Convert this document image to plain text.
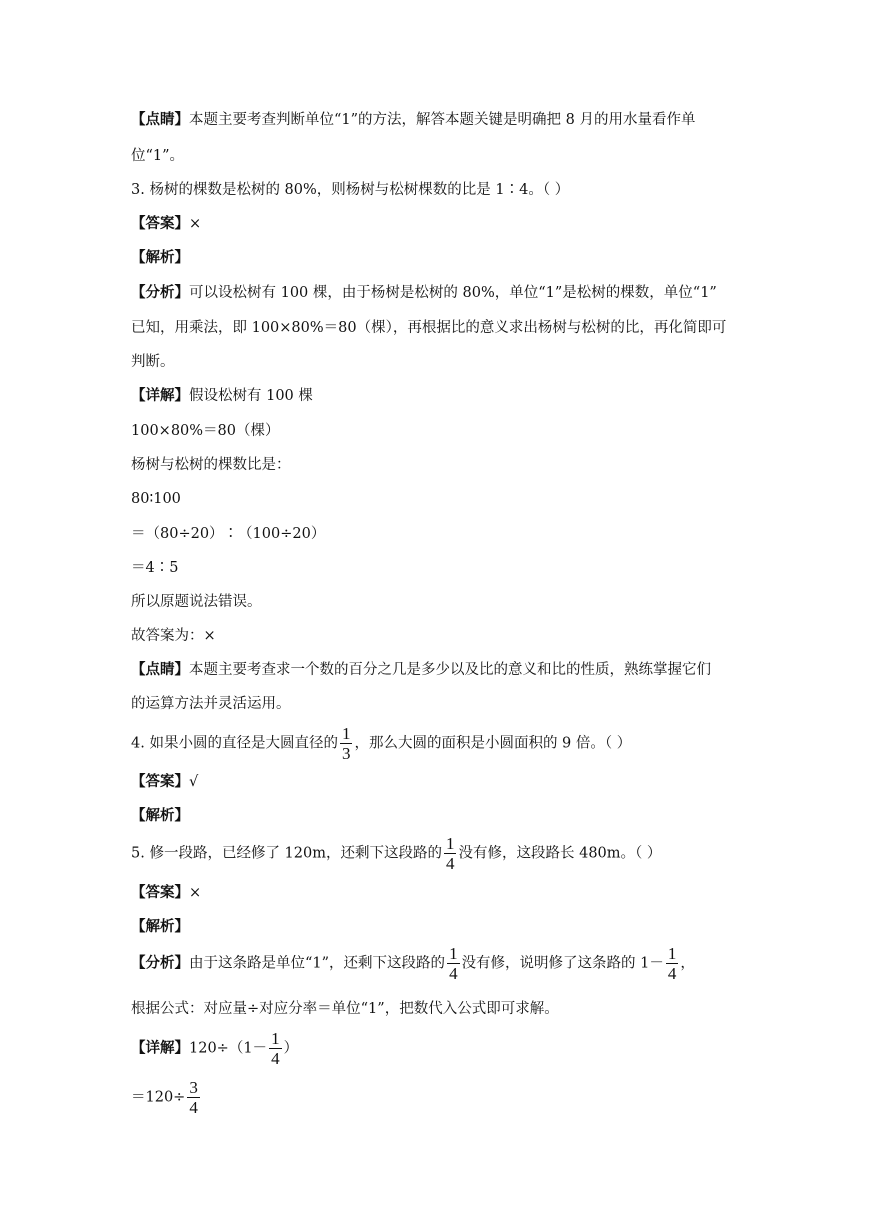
【点睛】本题主要考查判断单位“1”的方法，解答本题关键是明确把 8 月的用水量看作单
位“1”。
3. 杨树的棵数是松树的 80%，则杨树与松树棵数的比是 1∶4。（ ）
【答案】×
【解析】
【分析】可以设松树有 100 棵，由于杨树是松树的 80%，单位“1”是松树的棵数，单位“1”
已知，用乘法，即 100×80%＝80（棵），再根据比的意义求出杨树与松树的比，再化简即可
判断。
【详解】假设松树有 100 棵
100×80%＝80（棵）
杨树与松树的棵数比是：
80∶100
＝（80÷20）∶（100÷20）
＝4∶5
所以原题说法错误。
故答案为：×
【点睛】本题主要考查求一个数的百分之几是多少以及比的意义和比的性质，熟练掌握它们
的运算方法并灵活运用。
4. 如果小圆的直径是大圆直径的 $\frac{1}{3}$ ，那么大圆的面积是小圆面积的 9 倍。（ ）
【答案】√
【解析】
5. 修一段路，已经修了 120m，还剩下这段路的 $\frac{1}{4}$ 没有修，这段路长 480m。（ ）
【答案】×
【解析】
【分析】由于这条路是单位“1”，还剩下这段路的 $\frac{1}{4}$ 没有修，说明修了这条路的 $1- \frac{1}{4}$ ，
根据公式：对应量÷对应分率＝单位“1”，把数代入公式即可求解。
【详解】$120\div(1- \frac{1}{4}$ ）
$=120\div \frac{3}{4}$
